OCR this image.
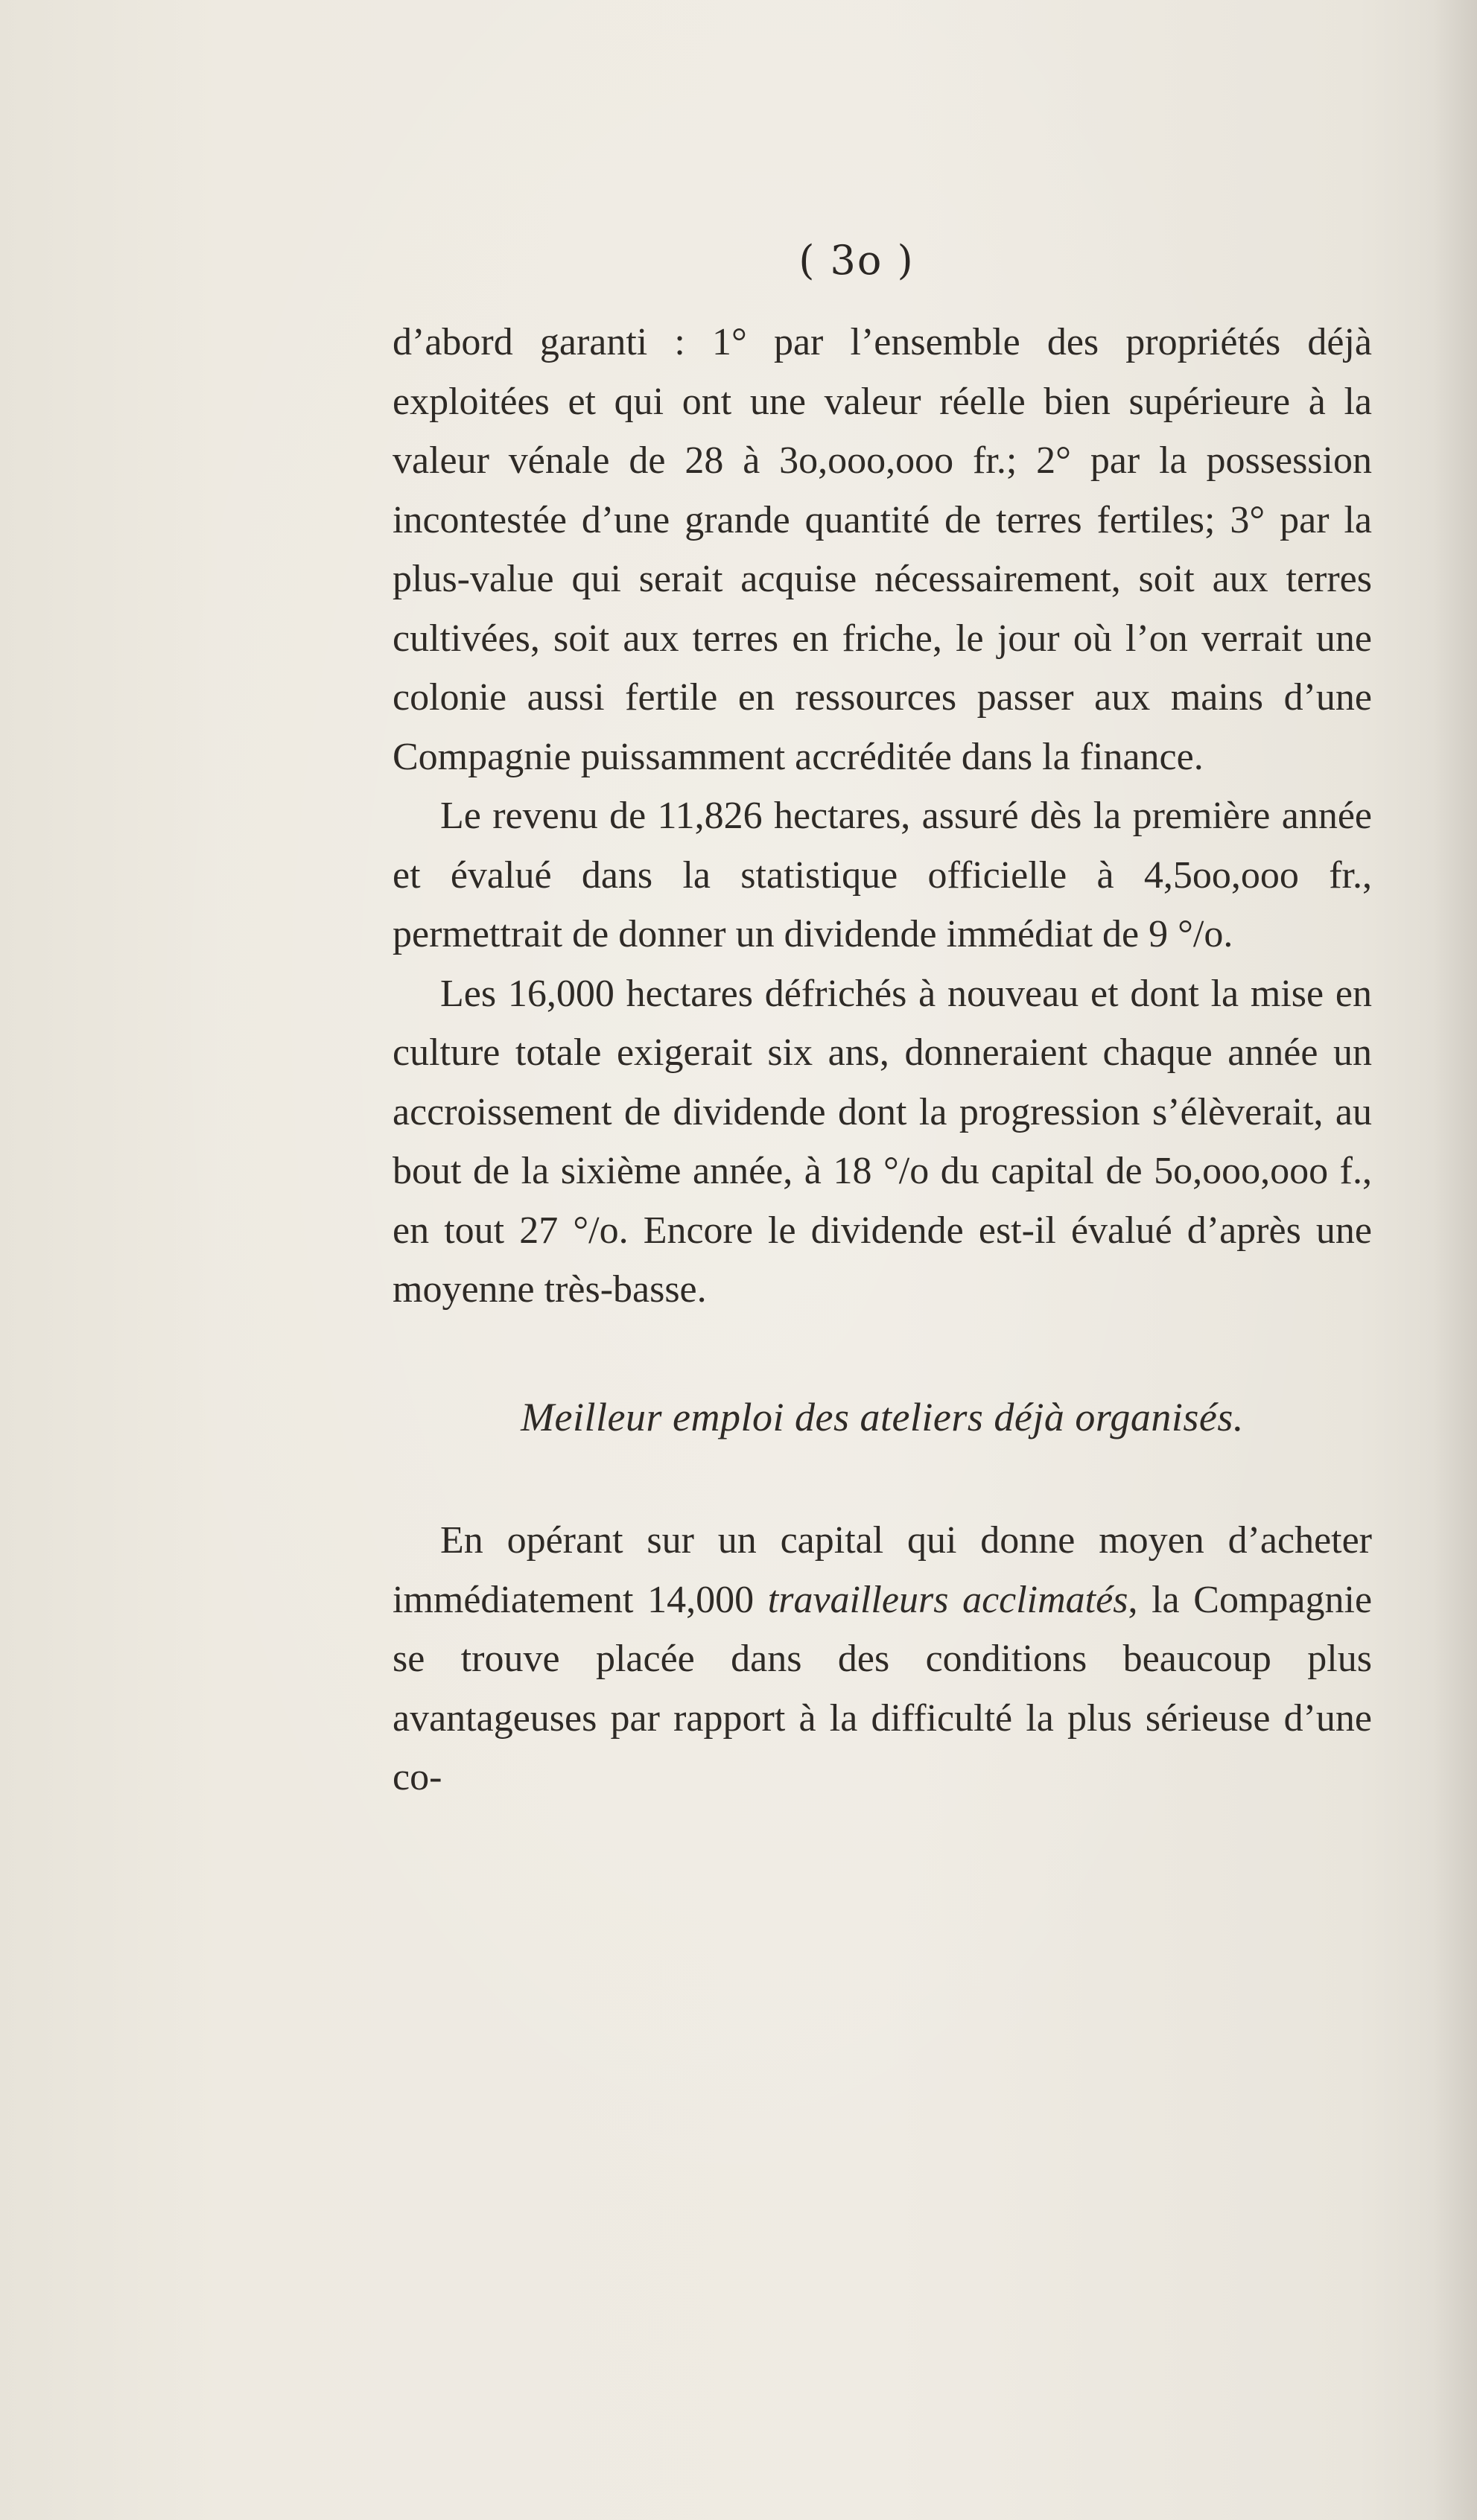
( 3o )

d’abord garanti : 1° par l’ensemble des propriétés déjà exploitées et qui ont une valeur réelle bien supérieure à la valeur vénale de 28 à 3o,ooo,ooo fr.; 2° par la possession incontestée d’une grande quantité de terres fertiles; 3° par la plus-value qui serait acquise nécessairement, soit aux terres cultivées, soit aux terres en friche, le jour où l’on verrait une colonie aussi fertile en ressources passer aux mains d’une Compagnie puissamment accréditée dans la finance.

Le revenu de 11,826 hectares, assuré dès la première année et évalué dans la statistique officielle à 4,5oo,ooo fr., permettrait de donner un dividende immédiat de 9 °/o.

Les 16,000 hectares défrichés à nouveau et dont la mise en culture totale exigerait six ans, donneraient chaque année un accroissement de dividende dont la progression s’élèverait, au bout de la sixième année, à 18 °/o du capital de 5o,ooo,ooo f., en tout 27 °/o. Encore le dividende est-il évalué d’après une moyenne très-basse.

Meilleur emploi des ateliers déjà organisés.

En opérant sur un capital qui donne moyen d’acheter immédiatement 14,000 travailleurs acclimatés, la Compagnie se trouve placée dans des conditions beaucoup plus avantageuses par rapport à la difficulté la plus sérieuse d’une co-
